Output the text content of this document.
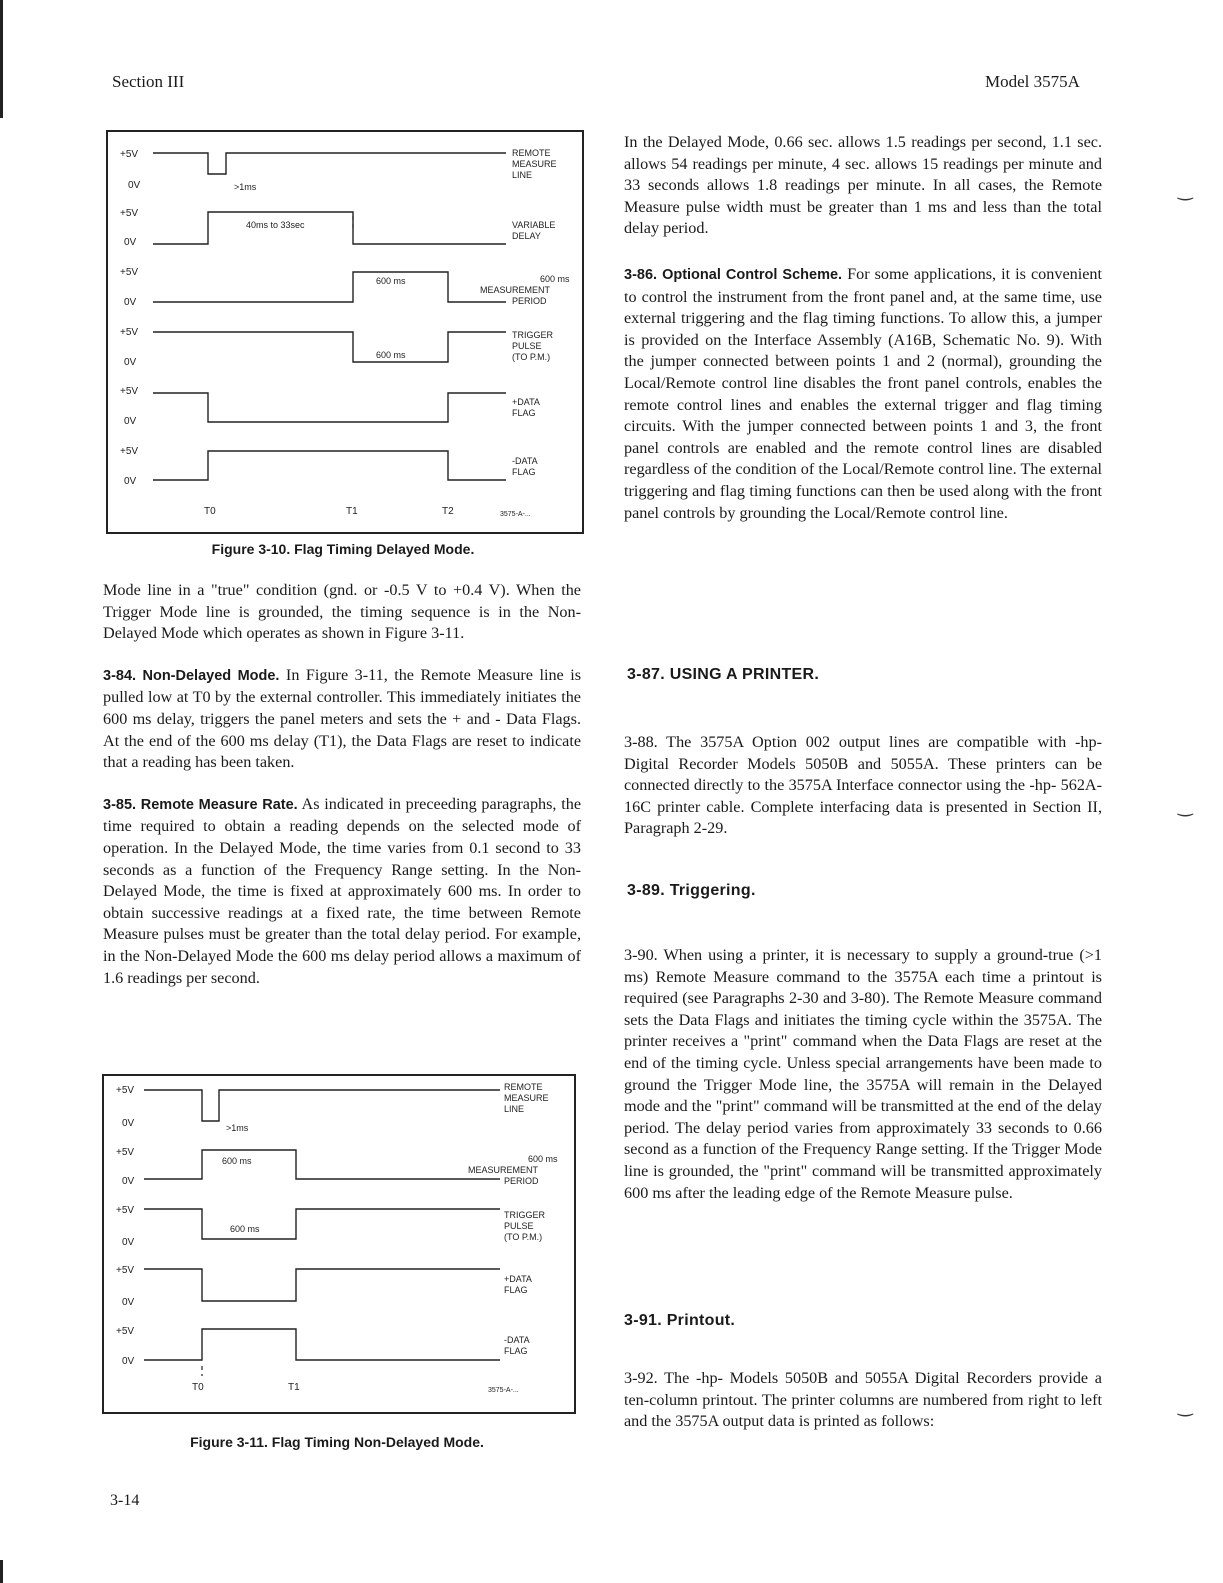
Section III	Model 3575A
+5V
0V
+5V
0V
+5V
0V
+5V
0V
+5V
0V
+5V
0V
>1ms
40ms to 33sec
600 ms
600 ms
REMOTE
MEASURE
LINE
VARIABLE
DELAY
600 ms
MEASUREMENT
PERIOD
TRIGGER
PULSE
(TO P.M.)
+DATA
FLAG
-DATA
FLAG
T0	T1	T2	3575-A-...

Figure 3-10. Flag Timing Delayed Mode.

Mode line in a "true" condition (gnd. or -0.5 V to +0.4 V). When the Trigger Mode line is grounded, the timing sequence is in the Non-Delayed Mode which operates as shown in Figure 3-11.

3-84. Non-Delayed Mode. In Figure 3-11, the Remote Measure line is pulled low at T0 by the external controller. This immediately initiates the 600 ms delay, triggers the panel meters and sets the + and - Data Flags. At the end of the 600 ms delay (T1), the Data Flags are reset to indicate that a reading has been taken.

3-85. Remote Measure Rate. As indicated in preceeding paragraphs, the time required to obtain a reading depends on the selected mode of operation. In the Delayed Mode, the time varies from 0.1 second to 33 seconds as a function of the Frequency Range setting. In the Non-Delayed Mode, the time is fixed at approximately 600 ms. In order to obtain successive readings at a fixed rate, the time between Remote Measure pulses must be greater than the total delay period. For example, in the Non-Delayed Mode the 600 ms delay period allows a maximum of 1.6 readings per second.

+5V
0V
+5V
0V
+5V
0V
+5V
0V
+5V
0V
>1ms
600 ms
600 ms
REMOTE
MEASURE
LINE
600 ms
MEASUREMENT
PERIOD
TRIGGER
PULSE
(TO P.M.)
+DATA
FLAG
-DATA
FLAG
T0	T1	3575-A-...

Figure 3-11. Flag Timing Non-Delayed Mode.

In the Delayed Mode, 0.66 sec. allows 1.5 readings per second, 1.1 sec. allows 54 readings per minute, 4 sec. allows 15 readings per minute and 33 seconds allows 1.8 readings per minute. In all cases, the Remote Measure pulse width must be greater than 1 ms and less than the total delay period.

3-86. Optional Control Scheme. For some applications, it is convenient to control the instrument from the front panel and, at the same time, use external triggering and the flag timing functions. To allow this, a jumper is provided on the Interface Assembly (A16B, Schematic No. 9). With the jumper connected between points 1 and 2 (normal), grounding the Local/Remote control line disables the front panel controls, enables the remote control lines and enables the external trigger and flag timing circuits. With the jumper connected between points 1 and 3, the front panel controls are enabled and the remote control lines are disabled regardless of the condition of the Local/Remote control line. The external triggering and flag timing functions can then be used along with the front panel controls by grounding the Local/Remote control line.

3-87. USING A PRINTER.

3-88. The 3575A Option 002 output lines are compatible with -hp- Digital Recorder Models 5050B and 5055A. These printers can be connected directly to the 3575A Interface connector using the -hp- 562A-16C printer cable. Complete interfacing data is presented in Section II, Paragraph 2-29.

3-89. Triggering.

3-90. When using a printer, it is necessary to supply a ground-true (>1 ms) Remote Measure command to the 3575A each time a printout is required (see Paragraphs 2-30 and 3-80). The Remote Measure command sets the Data Flags and initiates the timing cycle within the 3575A. The printer receives a "print" command when the Data Flags are reset at the end of the timing cycle. Unless special arrangements have been made to ground the Trigger Mode line, the 3575A will remain in the Delayed mode and the "print" command will be transmitted at the end of the delay period. The delay period varies from approximately 33 seconds to 0.66 second as a function of the Frequency Range setting. If the Trigger Mode line is grounded, the "print" command will be transmitted approximately 600 ms after the leading edge of the Remote Measure pulse.

3-91. Printout.

3-92. The -hp- Models 5050B and 5055A Digital Recorders provide a ten-column printout. The printer columns are numbered from right to left and the 3575A output data is printed as follows:

‿
‿
‿
3-14
